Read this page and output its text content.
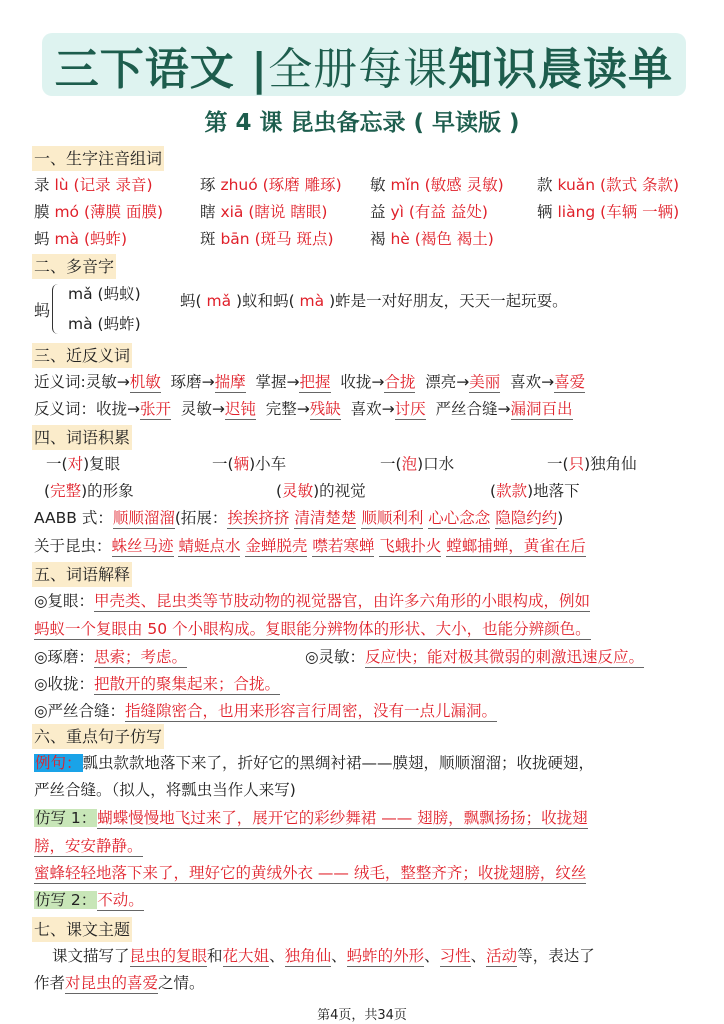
三下语文 | 全册每课 知识晨读单
第 4 课 昆虫备忘录 ( 早读版 )
一、生字注音组词
录 lù (记录 录音)	琢 zhuó (琢磨 雕琢) 敏 mǐn (敏感 灵敏) 款 kuǎn (款式 条款)
膜 mó (薄膜 面膜) 瞎 xiā (瞎说 瞎眼)	益 yì (有益 益处)	辆 liàng (车辆 一辆)
蚂 mà (蚂蚱)	斑 bān (斑马 斑点) 褐 hè (褐色 褐土)
二、多音字
蚂
mǎ (蚂蚁)
mà (蚂蚱)
蚂( mǎ )蚁和蚂( mà )蚱是一对好朋友，天天一起玩耍。
三、近反义词
近义词:灵敏→机敏 琢磨→揣摩 掌握→把握 收拢→合拢 漂亮→美丽 喜欢→喜爱
反义词：收拢→张开 灵敏→迟钝 完整→残缺 喜欢→讨厌 严丝合缝→漏洞百出
四、词语积累
一(对)复眼	一(辆)小车	一(泡)口水	一(只)独角仙
(完整)的形象	(灵敏)的视觉	(款款)地落下
AABB 式：顺顺溜溜(拓展：挨挨挤挤 清清楚楚 顺顺利利 心心念念 隐隐约约)
关于昆虫：蛛丝马迹 蜻蜓点水 金蝉脱壳 噤若寒蝉 飞蛾扑火 螳螂捕蝉，黄雀在后
五、词语解释
◎复眼：甲壳类、昆虫类等节肢动物的视觉器官，由许多六角形的小眼构成，例如
蚂蚁一个复眼由 50 个小眼构成。复眼能分辨物体的形状、大小，也能分辨颜色。
◎琢磨：思索；考虑。	◎灵敏：反应快；能对极其微弱的刺激迅速反应。
◎收拢：把散开的聚集起来；合拢。
◎严丝合缝：指缝隙密合，也用来形容言行周密，没有一点儿漏洞。
六、重点句子仿写
例句：瓢虫款款地落下来了，折好它的黑绸衬裙——膜翅，顺顺溜溜；收拢硬翅，
严丝合缝。（拟人，将瓢虫当作人来写)
仿写 1：蝴蝶慢慢地飞过来了，展开它的彩纱舞裙 —— 翅膀，飘飘扬扬；收拢翅
膀，安安静静。
蜜蜂轻轻地落下来了，理好它的黄绒外衣 —— 绒毛，整整齐齐；收拢翅膀，纹丝
仿写 2：不动。
七、课文主题
课文描写了昆虫的复眼和花大姐、独角仙、蚂蚱的外形、习性、活动等，表达了
作者对昆虫的喜爱之情。
第4页，共34页
